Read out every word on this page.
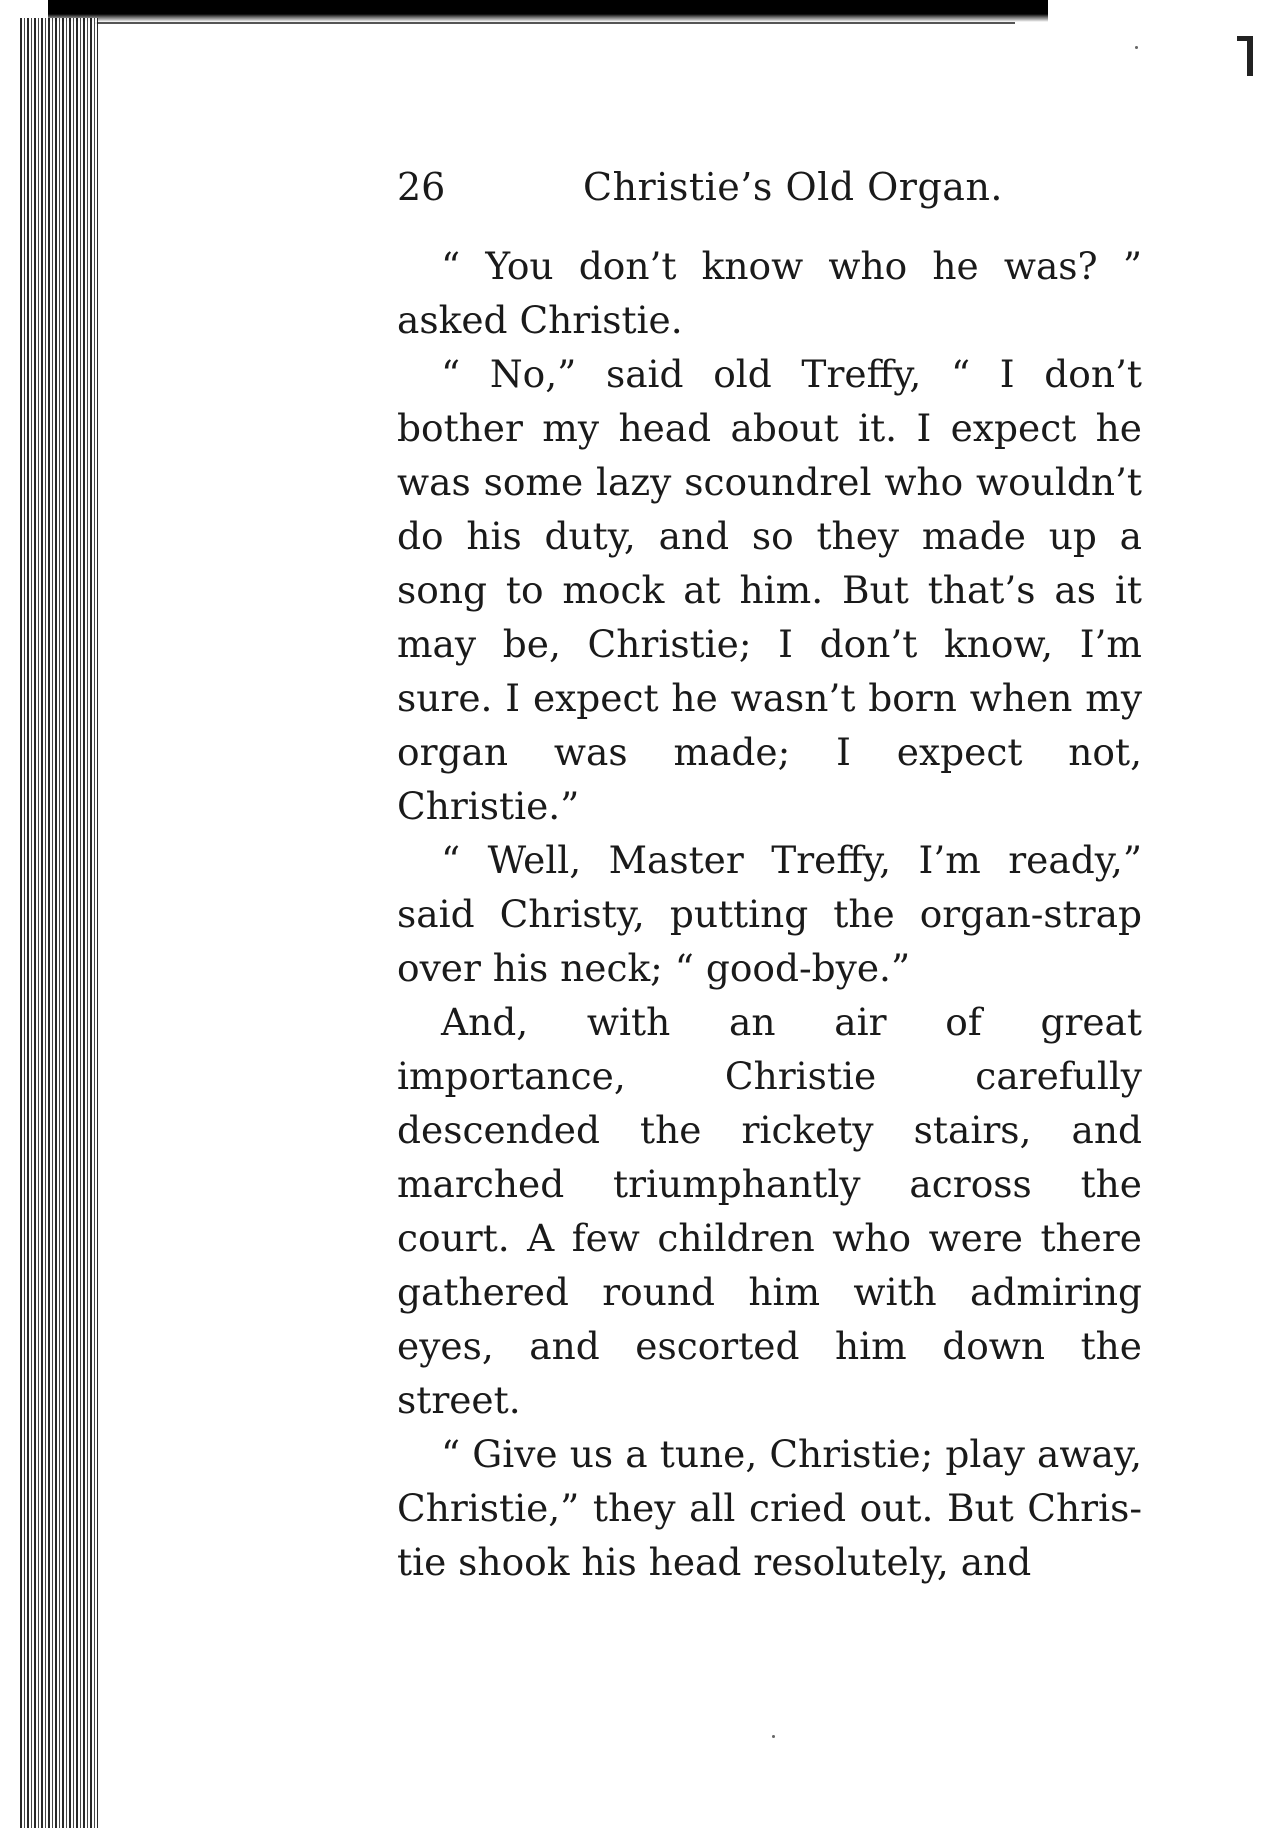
26	Christie’s Old Organ.

“ You don’t know who he was? ” asked Christie.

“ No,” said old Treffy, “ I don’t bother my head about it. I expect he was some lazy scoundrel who wouldn’t do his duty, and so they made up a song to mock at him. But that’s as it may be, Christie; I don’t know, I’m sure. I expect he wasn’t born when my organ was made; I expect not, Christie.”

“ Well, Master Treffy, I’m ready,” said Christy, putting the organ-strap over his neck; “ good-bye.”

And, with an air of great importance, Christie carefully descended the rickety stairs, and marched triumphantly across the court. A few children who were there gathered round him with admiring eyes, and escorted him down the street.

“ Give us a tune, Christie; play away, Christie,” they all cried out. But Christie shook his head resolutely, and
